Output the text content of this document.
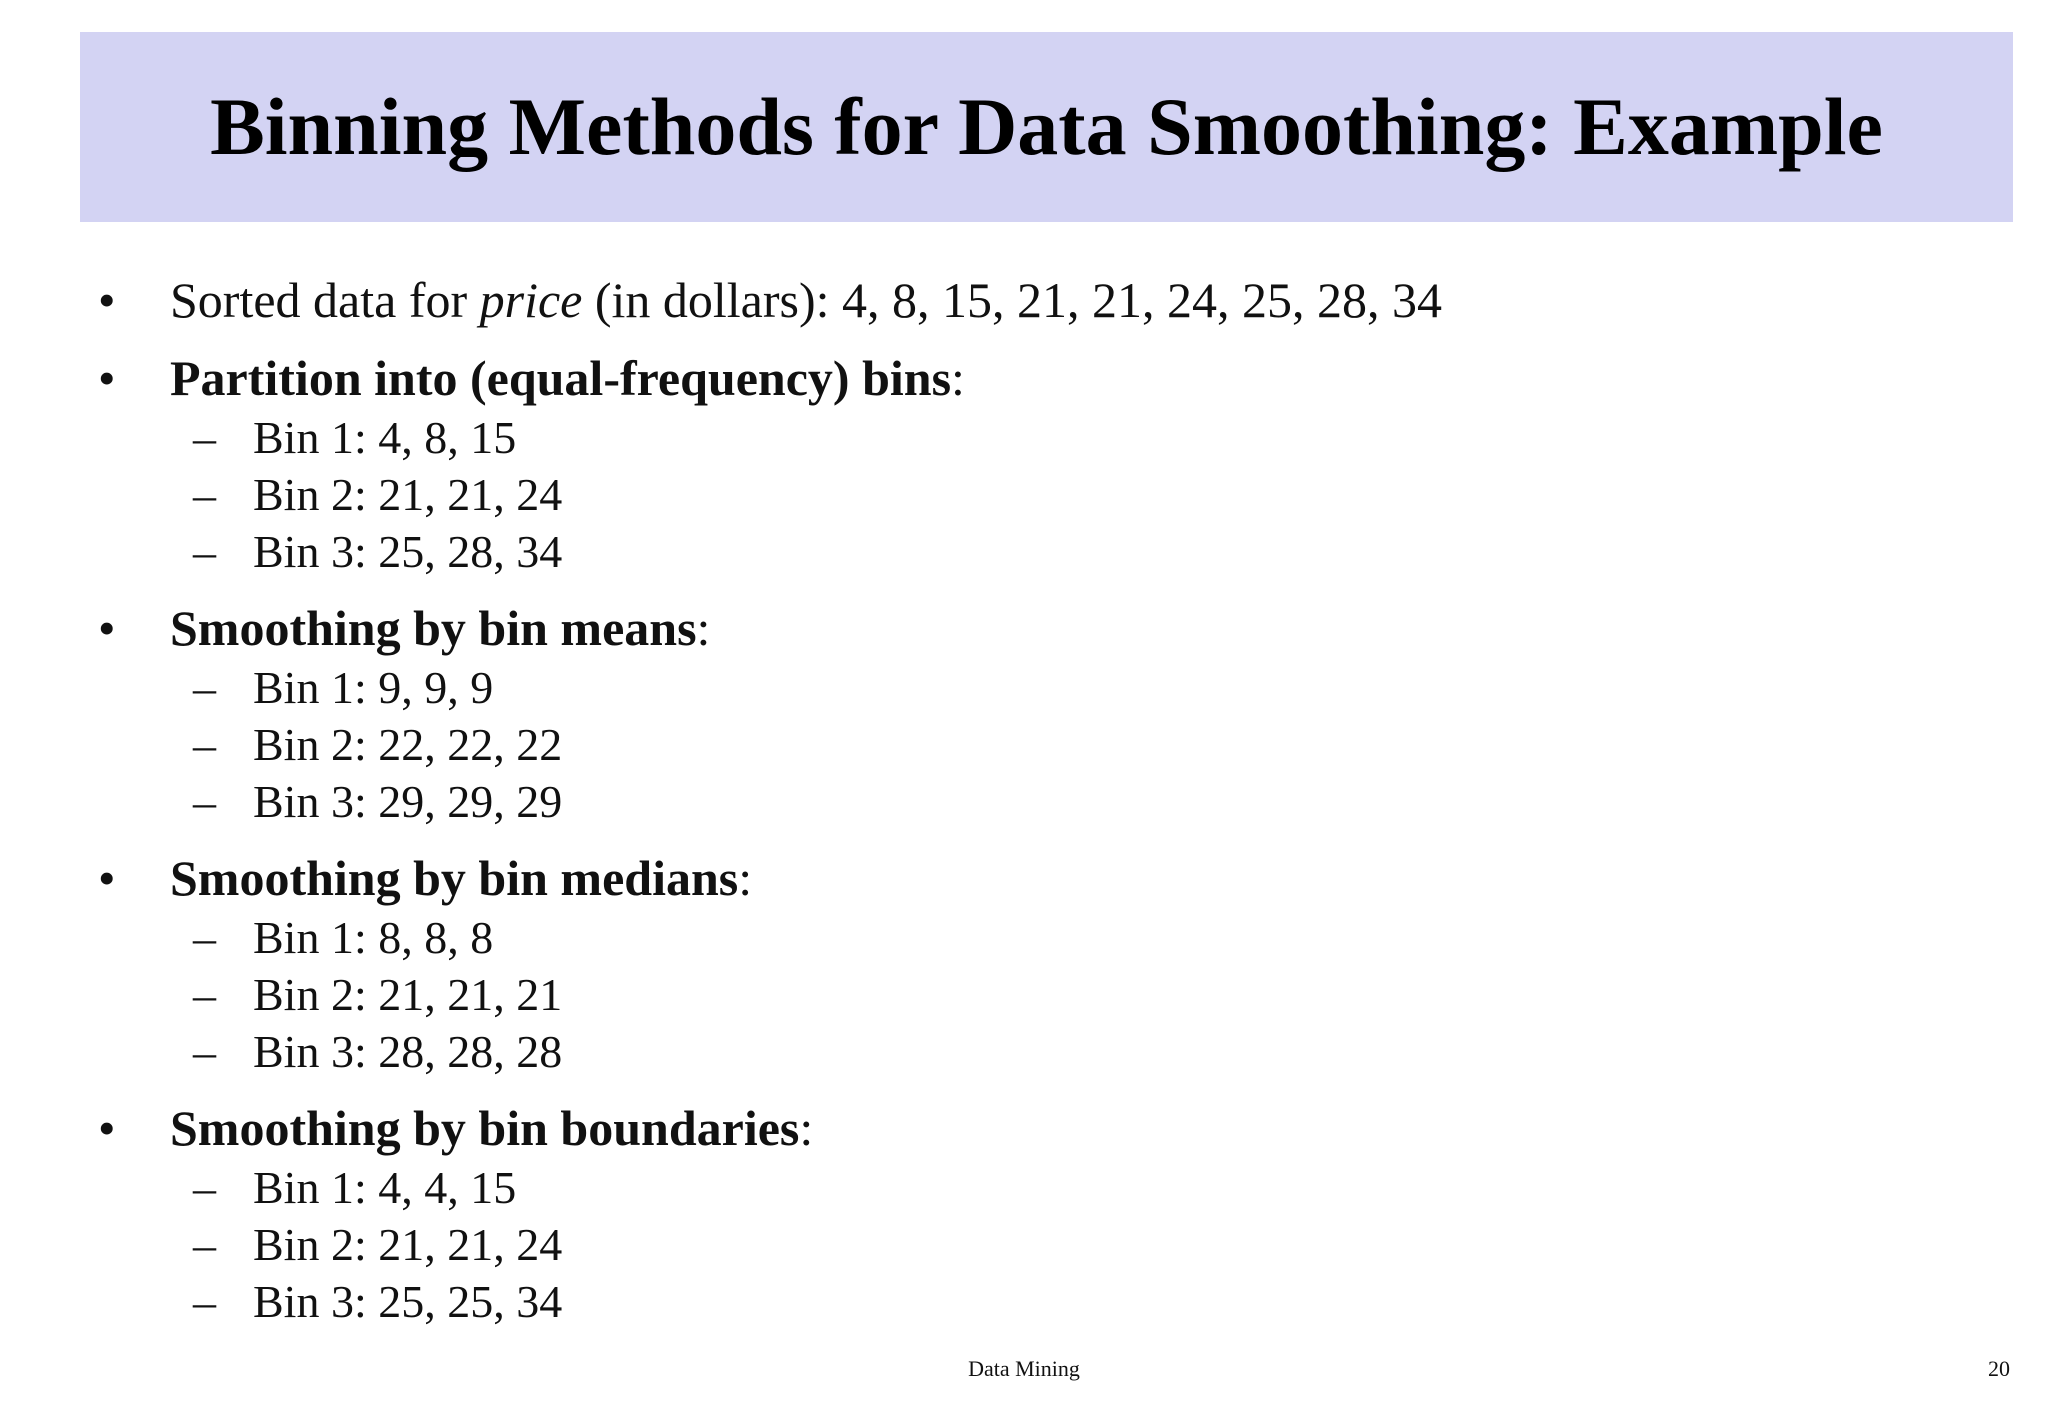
Binning Methods for Data Smoothing: Example
• Sorted data for price (in dollars): 4, 8, 15, 21, 21, 24, 25, 28, 34
• Partition into (equal-frequency) bins:
– Bin 1: 4, 8, 15
– Bin 2: 21, 21, 24
– Bin 3: 25, 28, 34
• Smoothing by bin means:
– Bin 1: 9, 9, 9
– Bin 2: 22, 22, 22
– Bin 3: 29, 29, 29
• Smoothing by bin medians:
– Bin 1: 8, 8, 8
– Bin 2: 21, 21, 21
– Bin 3: 28, 28, 28
• Smoothing by bin boundaries:
– Bin 1: 4, 4, 15
– Bin 2: 21, 21, 24
– Bin 3: 25, 25, 34
Data Mining	20
